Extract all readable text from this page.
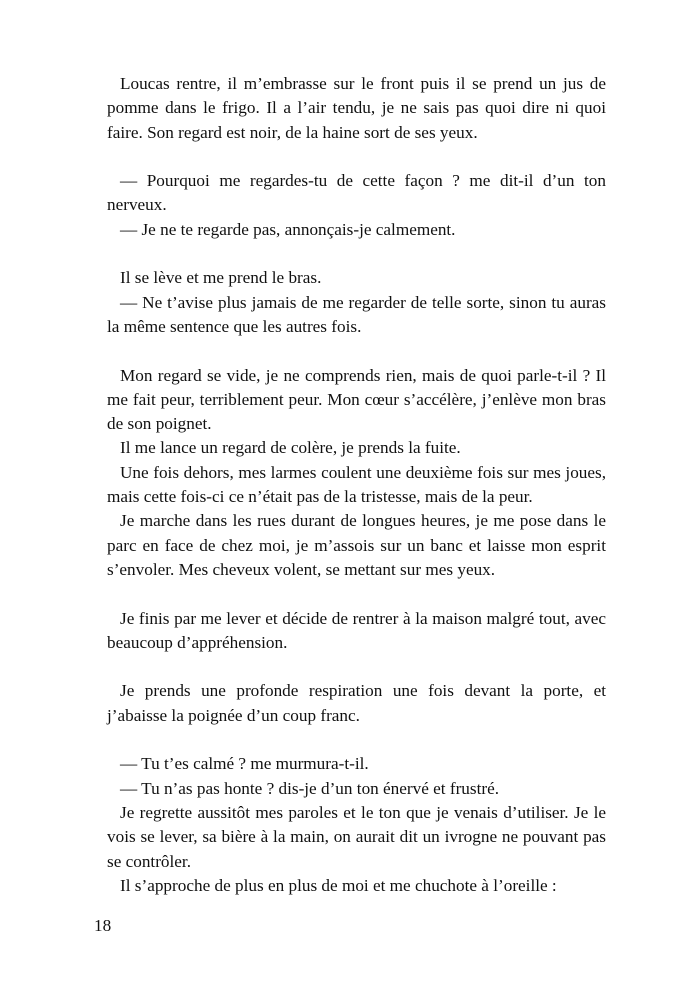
Loucas rentre, il m’embrasse sur le front puis il se prend un jus de pomme dans le frigo. Il a l’air tendu, je ne sais pas quoi dire ni quoi faire. Son regard est noir, de la haine sort de ses yeux.

— Pourquoi me regardes-tu de cette façon ? me dit-il d’un ton nerveux.

— Je ne te regarde pas, annonçais-je calmement.

Il se lève et me prend le bras.

— Ne t’avise plus jamais de me regarder de telle sorte, sinon tu auras la même sentence que les autres fois.

Mon regard se vide, je ne comprends rien, mais de quoi parle-t-il ? Il me fait peur, terriblement peur. Mon cœur s’accélère, j’enlève mon bras de son poignet.

Il me lance un regard de colère, je prends la fuite.

Une fois dehors, mes larmes coulent une deuxième fois sur mes joues, mais cette fois-ci ce n’était pas de la tristesse, mais de la peur.

Je marche dans les rues durant de longues heures, je me pose dans le parc en face de chez moi, je m’assois sur un banc et laisse mon esprit s’envoler. Mes cheveux volent, se mettant sur mes yeux.

Je finis par me lever et décide de rentrer à la maison malgré tout, avec beaucoup d’appréhension.

Je prends une profonde respiration une fois devant la porte, et j’abaisse la poignée d’un coup franc.

— Tu t’es calmé ? me murmura-t-il.

— Tu n’as pas honte ? dis-je d’un ton énervé et frustré.

Je regrette aussitôt mes paroles et le ton que je venais d’utiliser. Je le vois se lever, sa bière à la main, on aurait dit un ivrogne ne pouvant pas se contrôler.

Il s’approche de plus en plus de moi et me chuchote à l’oreille :

18
